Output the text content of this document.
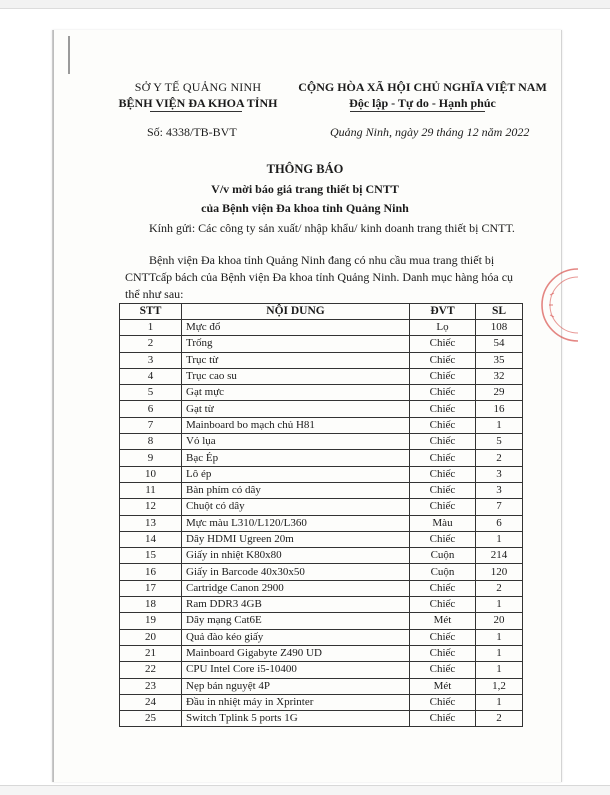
SỞ Y TẾ QUẢNG NINH
BỆNH VIỆN ĐA KHOA TỈNH
CỘNG HÒA XÃ HỘI CHỦ NGHĨA VIỆT NAM
Độc lập - Tự do - Hạnh phúc
Số: 4338/TB-BVT	Quảng Ninh, ngày 29 tháng 12 năm 2022
THÔNG BÁO
V/v mời báo giá trang thiết bị CNTT
của Bệnh viện Đa khoa tỉnh Quảng Ninh
Kính gửi: Các công ty sản xuất/ nhập khẩu/ kinh doanh trang thiết bị CNTT.
Bệnh viện Đa khoa tỉnh Quảng Ninh đang có nhu cầu mua trang thiết bị CNTTcấp bách của Bệnh viện Đa khoa tỉnh Quảng Ninh. Danh mục hàng hóa cụ thể như sau:
STT	NỘI DUNG	ĐVT	SL
1	Mực đổ	Lọ	108
2	Trống	Chiếc	54
3	Trục từ	Chiếc	35
4	Trục cao su	Chiếc	32
5	Gạt mực	Chiếc	29
6	Gạt từ	Chiếc	16
7	Mainboard bo mạch chủ H81	Chiếc	1
8	Vỏ lụa	Chiếc	5
9	Bạc Ép	Chiếc	2
10	Lô ép	Chiếc	3
11	Bàn phím có dây	Chiếc	3
12	Chuột có dây	Chiếc	7
13	Mực màu L310/L120/L360	Màu	6
14	Dây HDMI Ugreen 20m	Chiếc	1
15	Giấy in nhiệt K80x80	Cuộn	214
16	Giấy in Barcode 40x30x50	Cuộn	120
17	Cartridge Canon 2900	Chiếc	2
18	Ram DDR3 4GB	Chiếc	1
19	Dây mạng Cat6E	Mét	20
20	Quả đào kéo giấy	Chiếc	1
21	Mainboard Gigabyte Z490 UD	Chiếc	1
22	CPU Intel Core i5-10400	Chiếc	1
23	Nẹp bán nguyệt 4P	Mét	1,2
24	Đầu in nhiệt máy in Xprinter	Chiếc	1
25	Switch Tplink 5 ports 1G	Chiếc	2
